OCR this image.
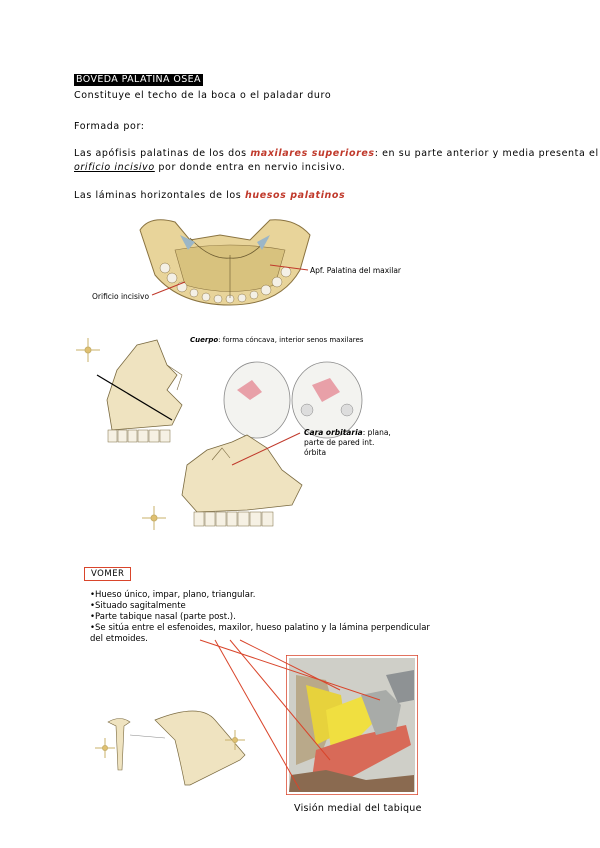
BÓVEDA PALATINA ÓSEA
Constituye el techo de la boca o el paladar duro
Formada por:
Las apófisis palatinas de los dos maxilares superiores: en su parte anterior y media presenta el
orificio incisivo por donde entra en nervio incisivo.
Las láminas horizontales de los huesos palatinos
Apf. Palatina del maxilar
Orificio incisivo
Cuerpo: forma cóncava, interior senos maxilares
Cara orbitaria: plana,
parte de pared int.
órbita
VOMER
•Hueso único, impar, plano, triangular.
•Situado sagitalmente
•Parte tabique nasal (parte post.).
•Se sitúa entre el esfenoides, maxilor, hueso palatino y la lámina perpendicular
del etmoides.
Visión medial del tabique
